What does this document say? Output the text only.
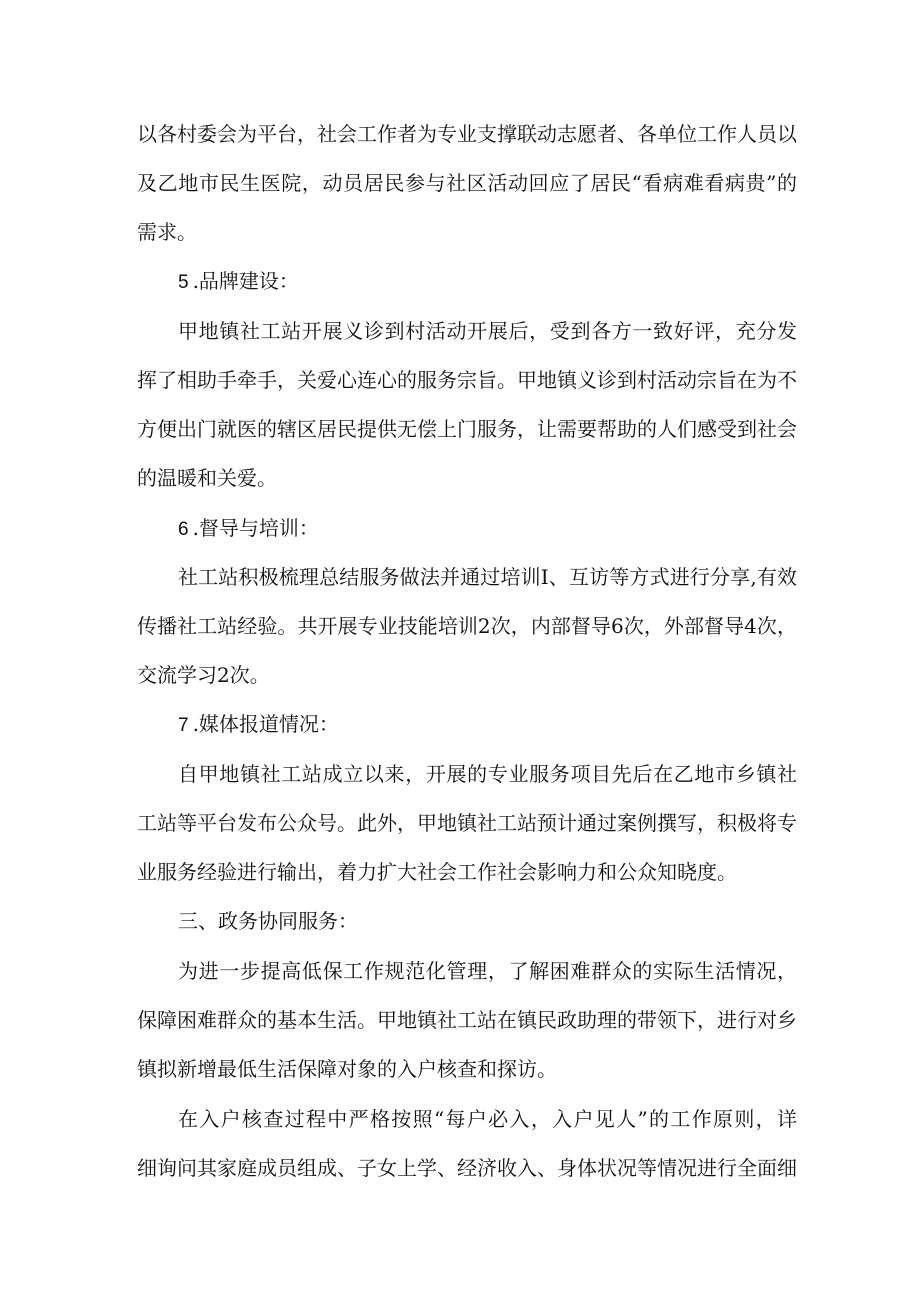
以各村委会为平台，社会工作者为专业支撑联动志愿者、各单位工作人员以
及乙地市民生医院，动员居民参与社区活动回应了居民“看病难看病贵”的
需求。
5 .品牌建设：
甲地镇社工站开展义诊到村活动开展后，受到各方一致好评，充分发
挥了相助手牵手，关爱心连心的服务宗旨。甲地镇义诊到村活动宗旨在为不
方便出门就医的辖区居民提供无偿上门服务，让需要帮助的人们感受到社会
的温暖和关爱。
6 .督导与培训：
社工站积极梳理总结服务做法并通过培训I、互访等方式进行分享,有效
传播社工站经验。共开展专业技能培训2次，内部督导6次，外部督导4次，
交流学习2次。
7 .媒体报道情况：
自甲地镇社工站成立以来，开展的专业服务项目先后在乙地市乡镇社
工站等平台发布公众号。此外，甲地镇社工站预计通过案例撰写，积极将专
业服务经验进行输出，着力扩大社会工作社会影响力和公众知晓度。
三、政务协同服务：
为进一步提高低保工作规范化管理，了解困难群众的实际生活情况，
保障困难群众的基本生活。甲地镇社工站在镇民政助理的带领下，进行对乡
镇拟新增最低生活保障对象的入户核查和探访。
在入户核查过程中严格按照“每户必入，入户见人”的工作原则，详
细询问其家庭成员组成、子女上学、经济收入、身体状况等情况进行全面细
